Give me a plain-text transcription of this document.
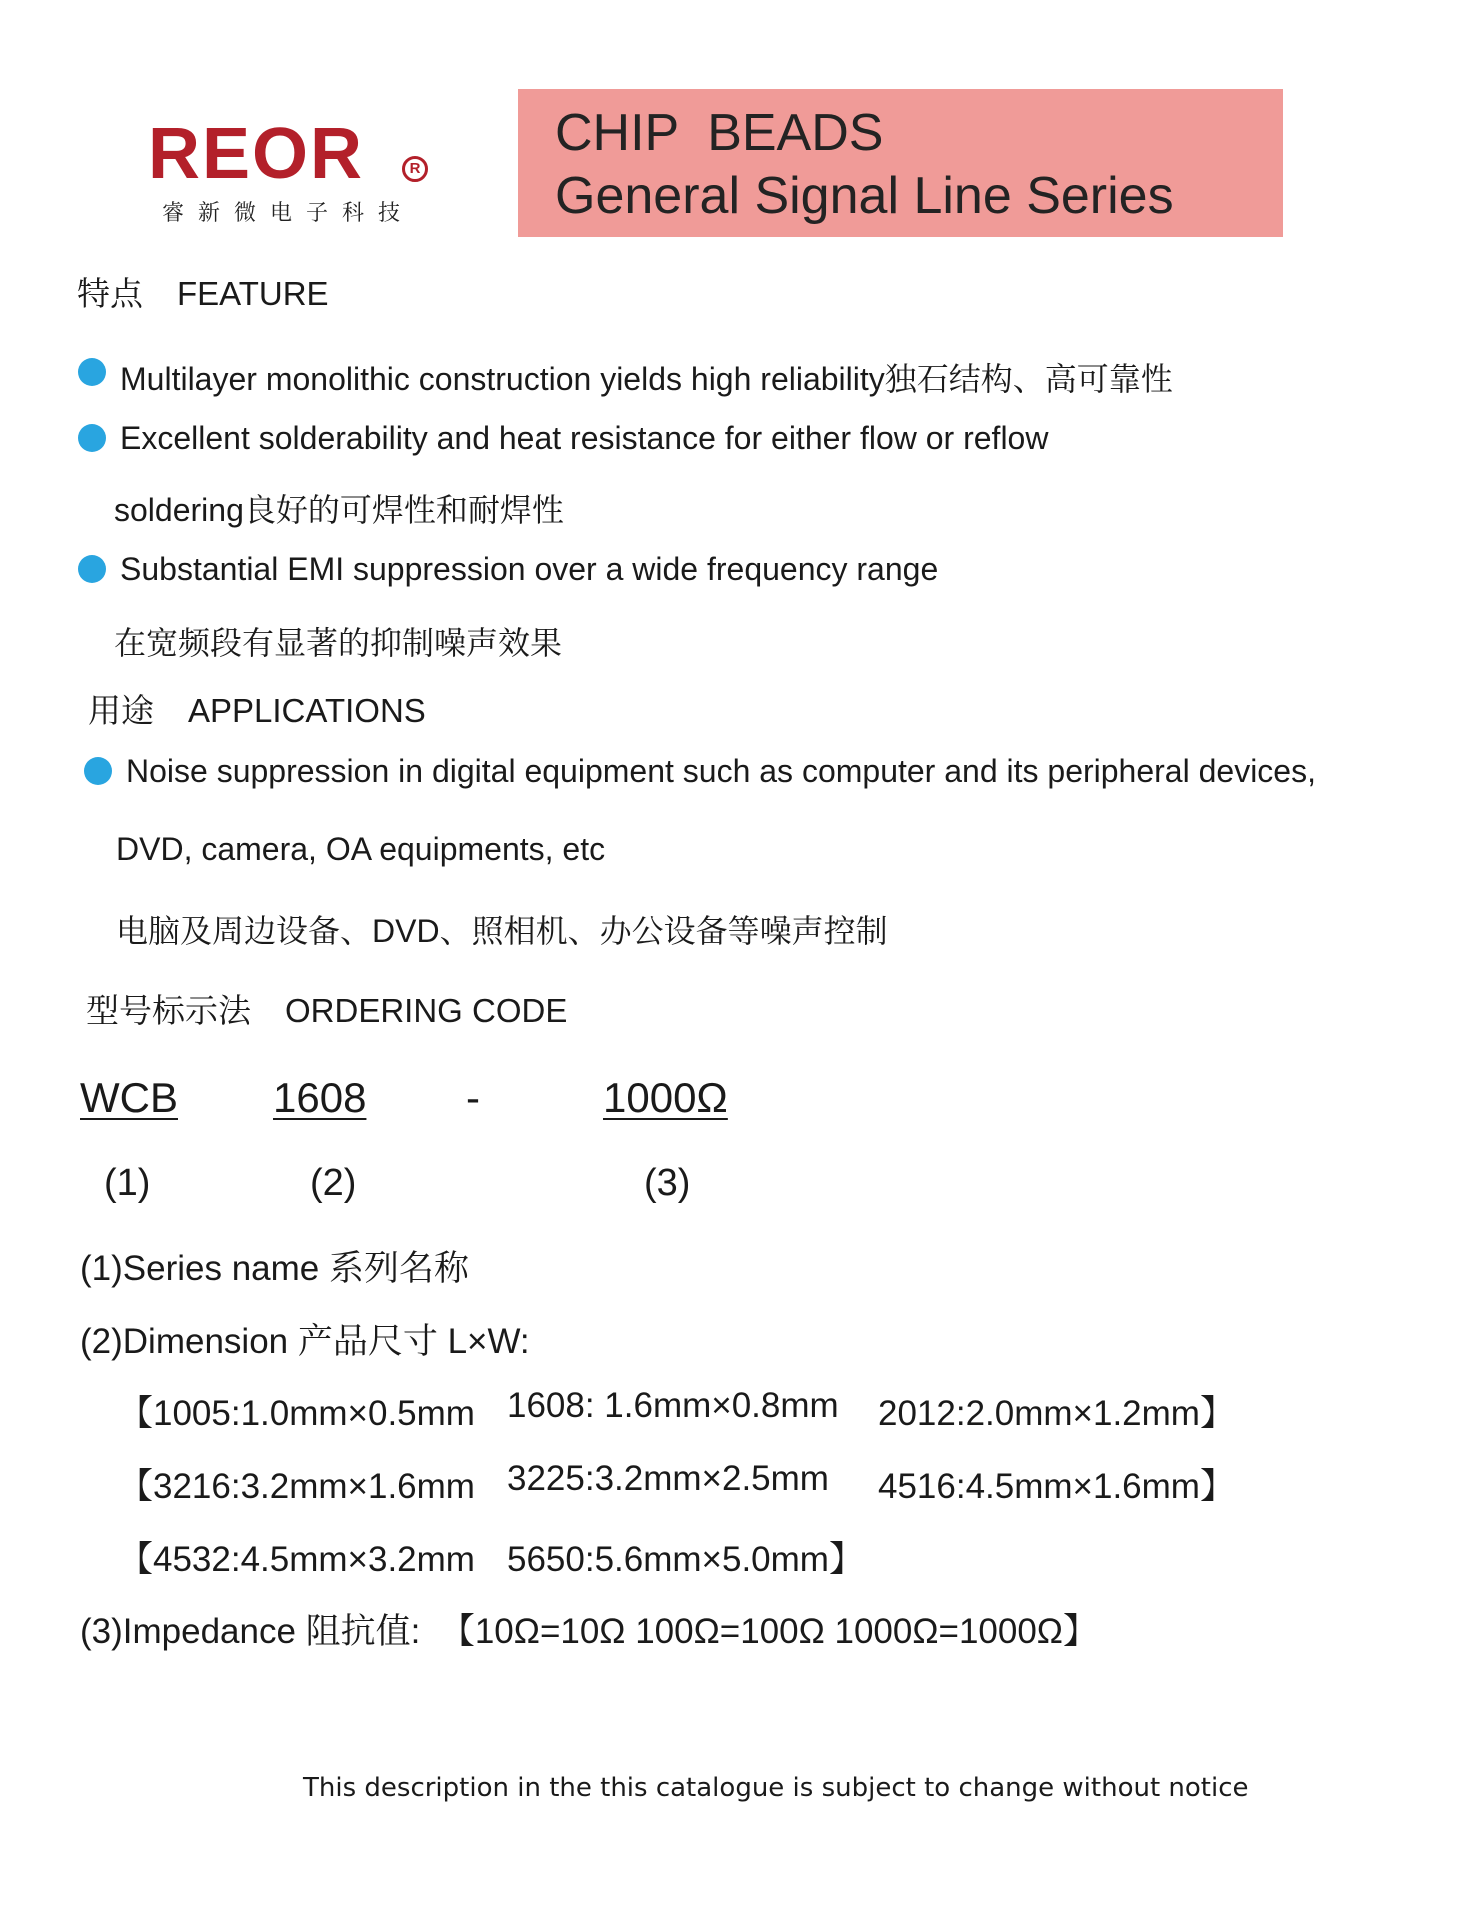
REOR	R
睿新微电子科技
CHIP  BEADS
General Signal Line Series
特点 FEATURE
Multilayer monolithic construction yields high reliability独石结构、高可靠性
Excellent solderability and heat resistance for either flow or reflow
soldering良好的可焊性和耐焊性
Substantial EMI suppression over a wide frequency range
在宽频段有显著的抑制噪声效果
用途 APPLICATIONS
Noise suppression in digital equipment such as computer and its peripheral devices,
DVD, camera, OA equipments, etc
电脑及周边设备、DVD、照相机、办公设备等噪声控制
型号标示法 ORDERING CODE
WCB 1608 -	1000Ω
(1)	(2)	(3)
(1)Series name 系列名称
(2)Dimension 产品尺寸 L×W:
【1005:1.0mm×0.5mm 1608: 1.6mm×0.8mm 2012:2.0mm×1.2mm】
【3216:3.2mm×1.6mm 3225:3.2mm×2.5mm 4516:4.5mm×1.6mm】
【4532:4.5mm×3.2mm 5650:5.6mm×5.0mm】
(3)Impedance 阻抗值:  【10Ω=10Ω 100Ω=100Ω 1000Ω=1000Ω】
This description in the this catalogue is subject to change without notice
